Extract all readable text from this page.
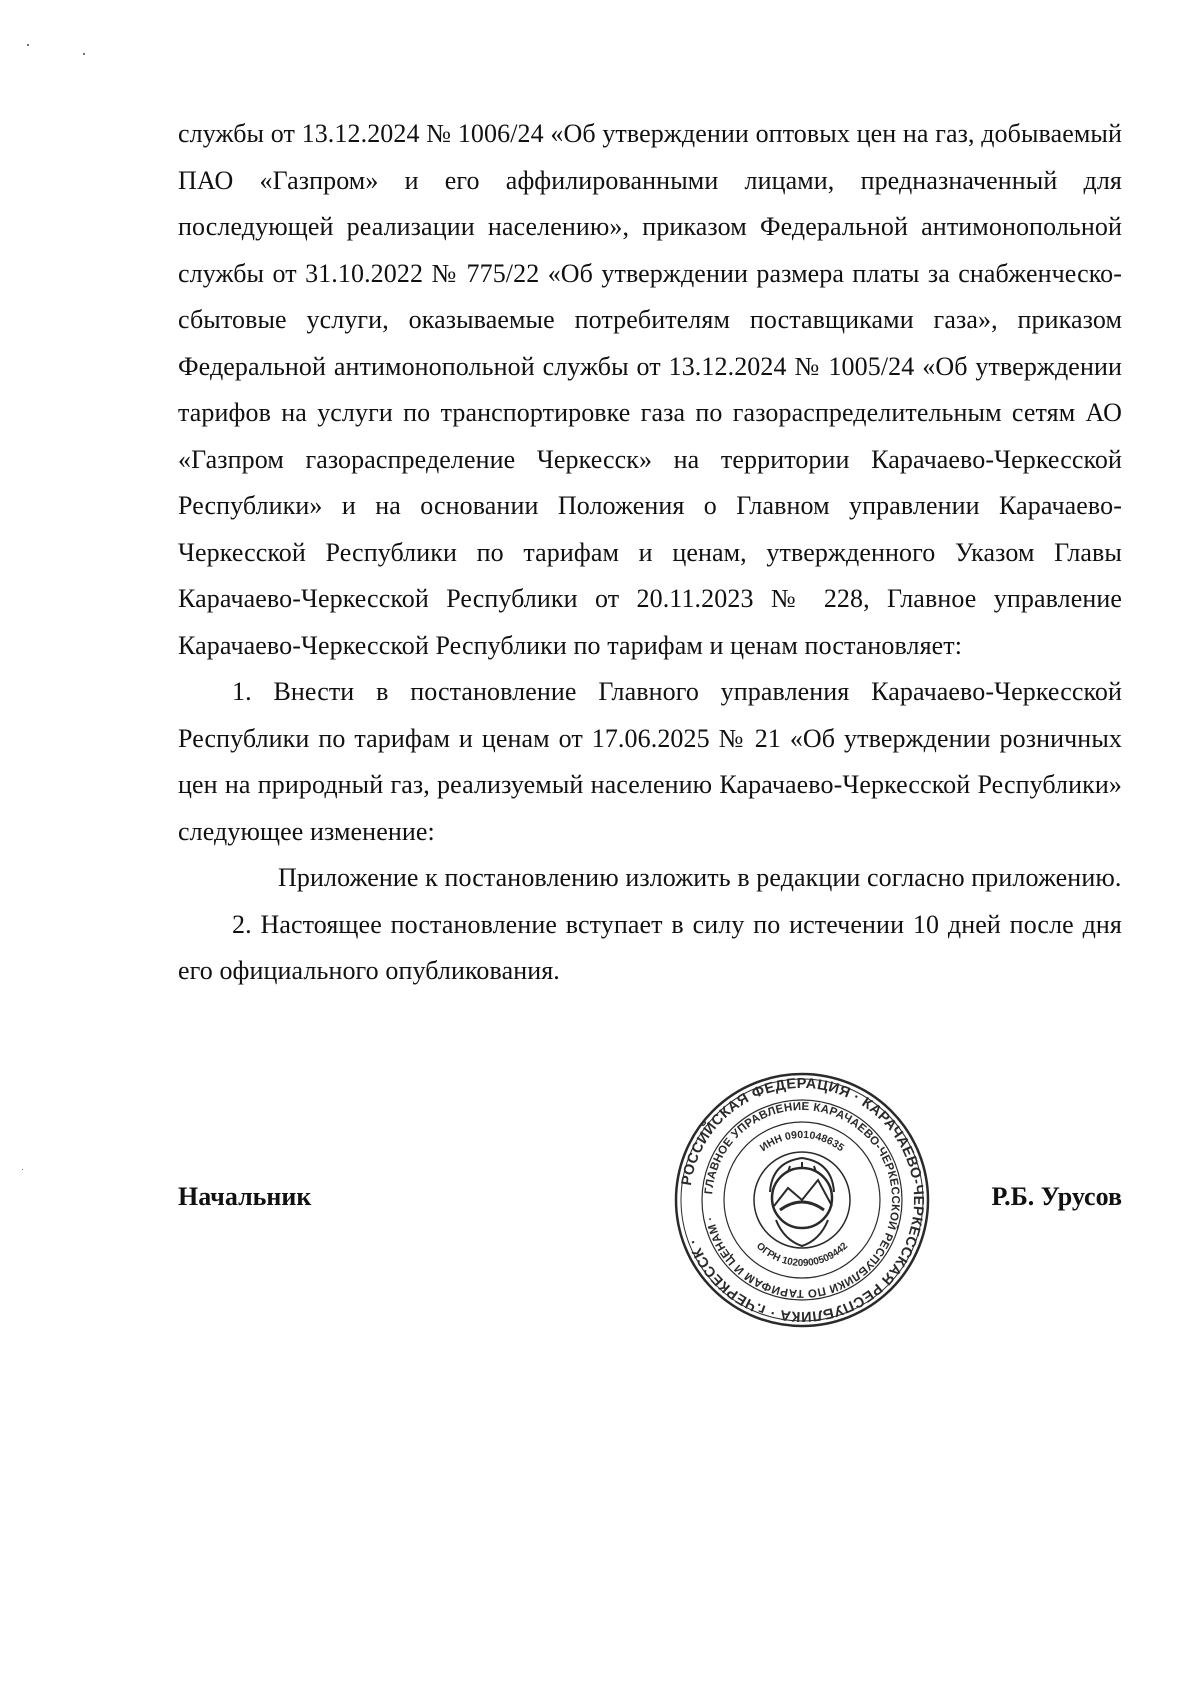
службы от 13.12.2024 № 1006/24 «Об утверждении оптовых цен на газ, добываемый ПАО «Газпром» и его аффилированными лицами, предназначенный для последующей реализации населению», приказом Федеральной антимонопольной службы от 31.10.2022 № 775/22 «Об утверждении размера платы за снабженческо-сбытовые услуги, оказываемые потребителям поставщиками газа», приказом Федеральной антимонопольной службы от 13.12.2024 № 1005/24 «Об утверждении тарифов на услуги по транспортировке газа по газораспределительным сетям АО «Газпром газораспределение Черкесск» на территории Карачаево-Черкесской Республики» и на основании Положения о Главном управлении Карачаево-Черкесской Республики по тарифам и ценам, утвержденного Указом Главы Карачаево-Черкесской Республики от 20.11.2023 № 228, Главное управление Карачаево-Черкесской Республики по тарифам и ценам постановляет:

1. Внести в постановление Главного управления Карачаево-Черкесской Республики по тарифам и ценам от 17.06.2025 № 21 «Об утверждении розничных цен на природный газ, реализуемый населению Карачаево-Черкесской Республики» следующее изменение:

Приложение к постановлению изложить в редакции согласно приложению.

2. Настоящее постановление вступает в силу по истечении 10 дней после дня его официального опубликования.

Начальник	Р.Б. Урусов
РОССИЙСКАЯ ФЕДЕРАЦИЯ · КАРАЧАЕВО-ЧЕРКЕССКАЯ РЕСПУБЛИКА · г.ЧЕРКЕССК ·
ГЛАВНОЕ УПРАВЛЕНИЕ КАРАЧАЕВО-ЧЕРКЕССКОЙ РЕСПУБЛИКИ ПО ТАРИФАМ И ЦЕНАМ ·
ИНН 0901048635
ОГРН 1020900509442
